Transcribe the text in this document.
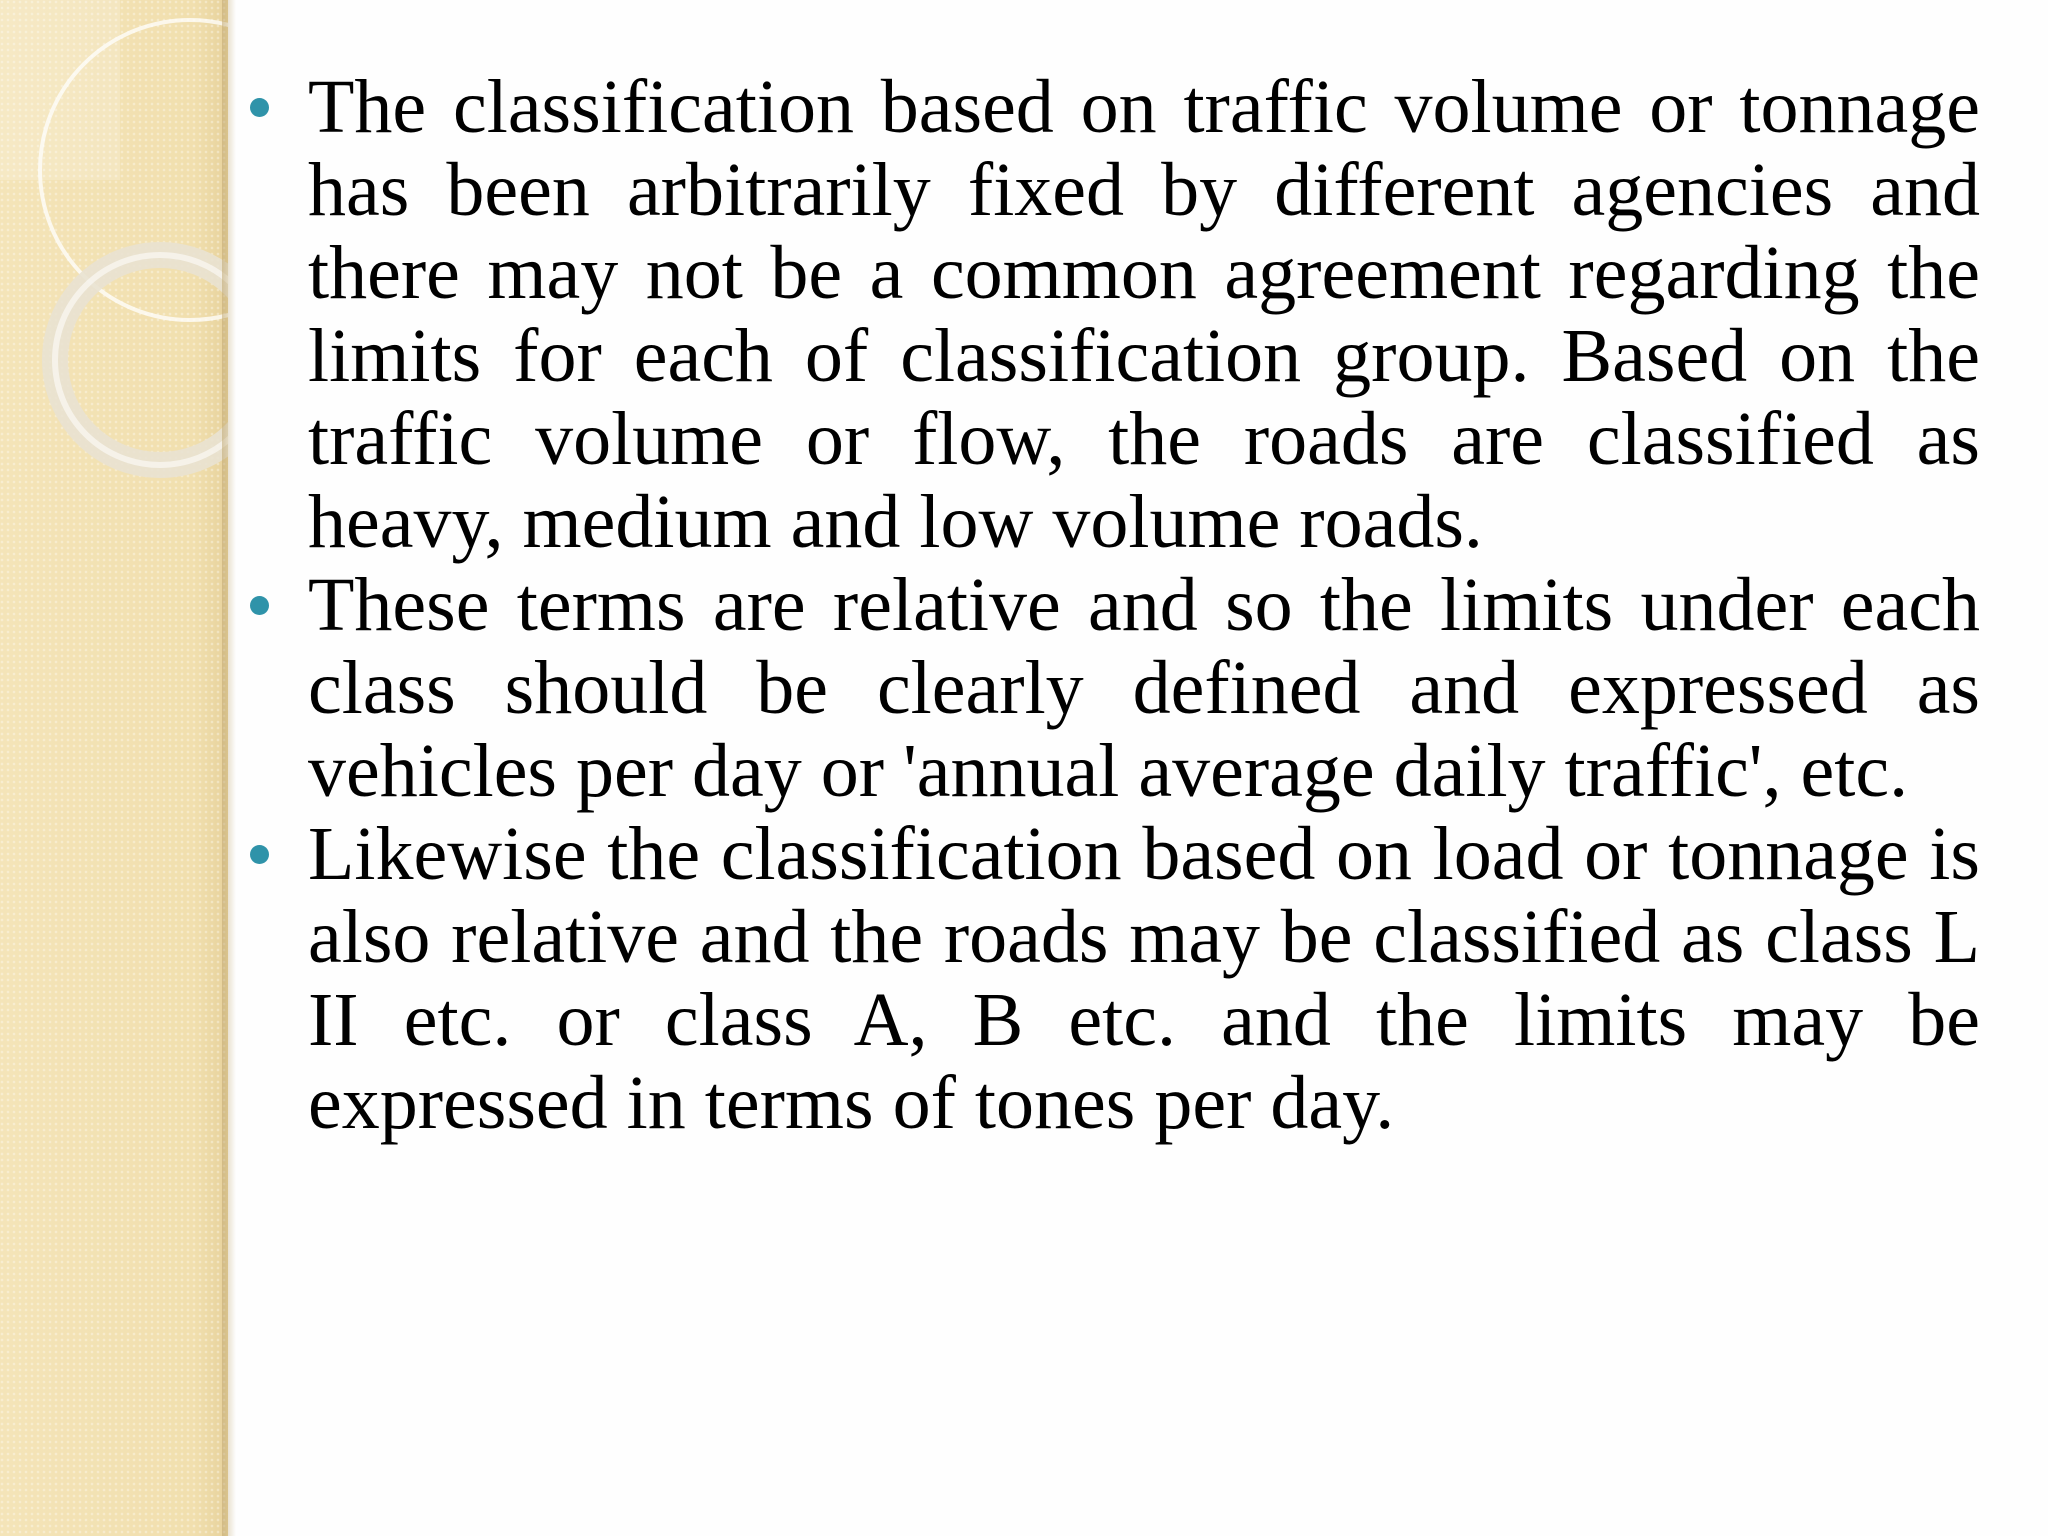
The classification based on traffic volume or tonnage has been arbitrarily fixed by different agencies and there may not be a common agreement regarding the limits for each of classification group. Based on the traffic volume or flow, the roads are classified as heavy, medium and low volume roads.
These terms are relative and so the limits under each class should be clearly defined and expressed as vehicles per day or 'annual average daily traffic', etc.
Likewise the classification based on load or tonnage is also relative and the roads may be classified as class L II etc. or class A, B etc. and the limits may be expressed in terms of tones per day.
